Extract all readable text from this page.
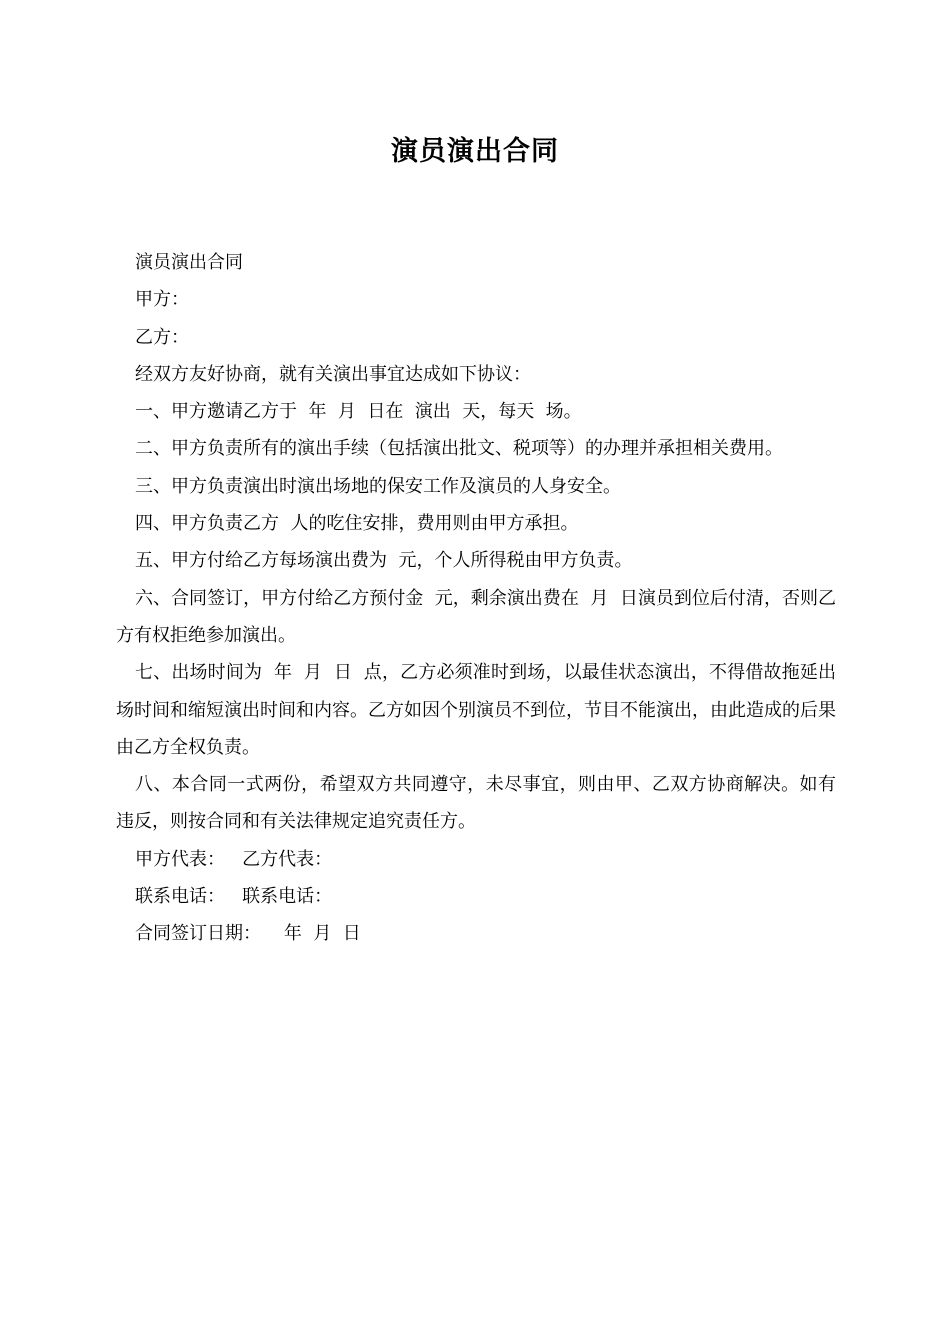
演员演出合同

演员演出合同

甲方：

乙方：

经双方友好协商，就有关演出事宜达成如下协议：

一、甲方邀请乙方于  年  月  日在  演出  天，每天  场。

二、甲方负责所有的演出手续（包括演出批文、税项等）的办理并承担相关费用。

三、甲方负责演出时演出场地的保安工作及演员的人身安全。

四、甲方负责乙方  人的吃住安排，费用则由甲方承担。

五、甲方付给乙方每场演出费为  元，个人所得税由甲方负责。

六、合同签订，甲方付给乙方预付金  元，剩余演出费在  月  日演员到位后付清，否则乙方有权拒绝参加演出。

七、出场时间为  年  月  日  点，乙方必须准时到场，以最佳状态演出，不得借故拖延出场时间和缩短演出时间和内容。乙方如因个别演员不到位，节目不能演出，由此造成的后果由乙方全权负责。

八、本合同一式两份，希望双方共同遵守，未尽事宜，则由甲、乙双方协商解决。如有违反，则按合同和有关法律规定追究责任方。

甲方代表：   乙方代表：

联系电话：   联系电话：

合同签订日期：    年  月  日
